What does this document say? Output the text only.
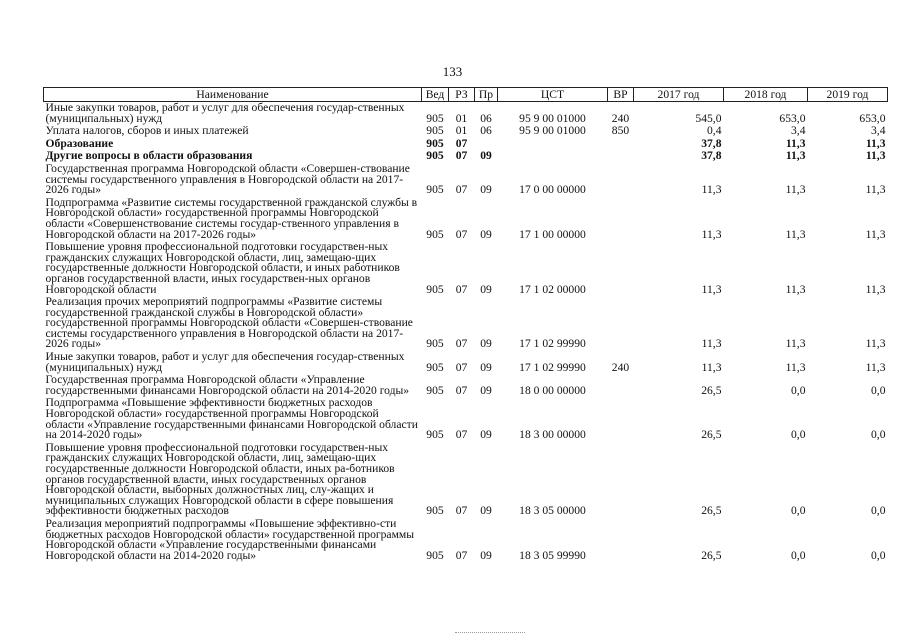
133
Наименование	Вед	РЗ	Пр	ЦСТ	ВР	2017 год	2018 год	2019 год
Иные закупки товаров, работ и услуг для обеспечения государ-ственных (муниципальных) нужд	905	01	06	95 9 00 01000	240	545,0	653,0	653,0
Уплата налогов, сборов и иных платежей	905	01	06	95 9 00 01000	850	0,4	3,4	3,4
Образование	905	07				37,8	11,3	11,3
Другие вопросы в области образования	905	07	09			37,8	11,3	11,3
Государственная программа Новгородской области «Совершен-ствование системы государственного управления в Новгородской области на 2017-2026 годы»	905	07	09	17 0 00 00000		11,3	11,3	11,3
Подпрограмма «Развитие системы государственной гражданской службы в Новгородской области» государственной программы Новгородской области «Совершенствование системы государ-ственного управления в Новгородской области на 2017-2026 годы»	905	07	09	17 1 00 00000		11,3	11,3	11,3
Повышение уровня профессиональной подготовки государствен-ных гражданских служащих Новгородской области, лиц, замещаю-щих государственные должности Новгородской области, и иных работников органов государственной власти, иных государствен-ных органов Новгородской области	905	07	09	17 1 02 00000		11,3	11,3	11,3
Реализация прочих мероприятий подпрограммы «Развитие системы государственной гражданской службы в Новгородской области» государственной программы Новгородской области «Совершен-ствование системы государственного управления в Новгородской области на 2017-2026 годы»	905	07	09	17 1 02 99990		11,3	11,3	11,3
Иные закупки товаров, работ и услуг для обеспечения государ-ственных (муниципальных) нужд	905	07	09	17 1 02 99990	240	11,3	11,3	11,3
Государственная программа Новгородской области «Управление государственными финансами Новгородской области на 2014-2020 годы»	905	07	09	18 0 00 00000		26,5	0,0	0,0
Подпрограмма «Повышение эффективности бюджетных расходов Новгородской области» государственной программы Новгородской области «Управление государственными финансами Новгородской области на 2014-2020 годы»	905	07	09	18 3 00 00000		26,5	0,0	0,0
Повышение уровня профессиональной подготовки государствен-ных гражданских служащих Новгородской области, лиц, замещаю-щих государственные должности Новгородской области, иных ра-ботников органов государственной власти, иных государственных органов Новгородской области, выборных должностных лиц, слу-жащих и муниципальных служащих Новгородской области в сфере повышения эффективности бюджетных расходов	905	07	09	18 3 05 00000		26,5	0,0	0,0
Реализация мероприятий подпрограммы «Повышение эффективно-сти бюджетных расходов Новгородской области» государственной программы Новгородской области «Управление государственными финансами Новгородской области на 2014-2020 годы»	905	07	09	18 3 05 99990		26,5	0,0	0,0
